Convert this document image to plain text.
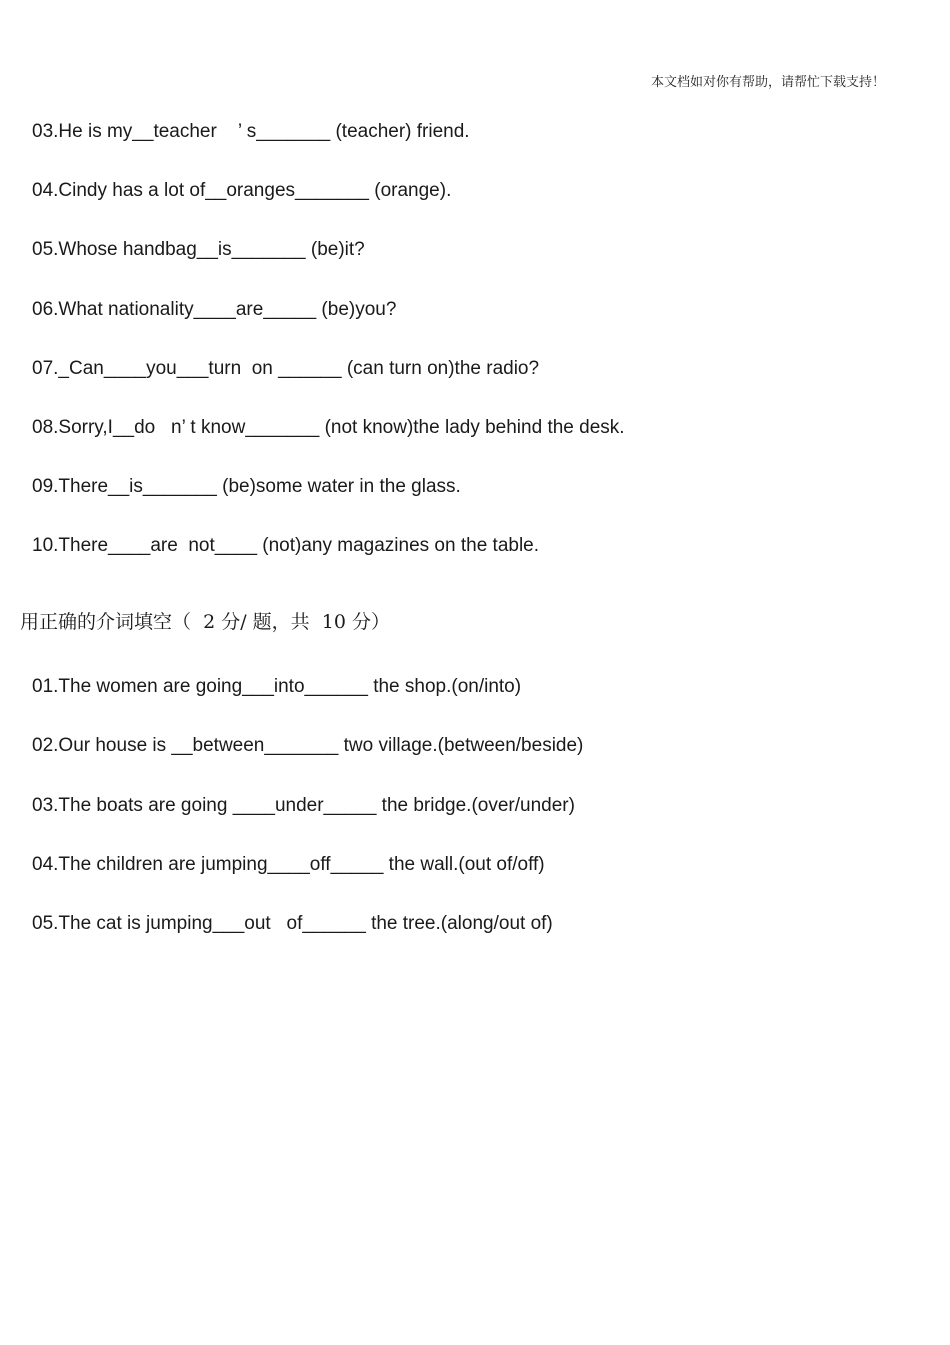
本文档如对你有帮助，请帮忙下载支持！
03.He is my__teacher    ’ s_______ (teacher) friend.
04.Cindy has a lot of__oranges_______ (orange).
05.Whose handbag__is_______ (be)it?
06.What nationality____are_____ (be)you?
07._Can____you___turn  on ______ (can turn on)the radio?
08.Sorry,I__do   n’ t know_______ (not know)the lady behind the desk.
09.There__is_______ (be)some water in the glass.
10.There____are  not____ (not)any magazines on the table.
用正确的介词填空（  2 分/ 题，共  10 分）
01.The women are going___into______ the shop.(on/into)
02.Our house is __between_______ two village.(between/beside)
03.The boats are going ____under_____ the bridge.(over/under)
04.The children are jumping____off_____ the wall.(out of/off)
05.The cat is jumping___out   of______ the tree.(along/out of)
